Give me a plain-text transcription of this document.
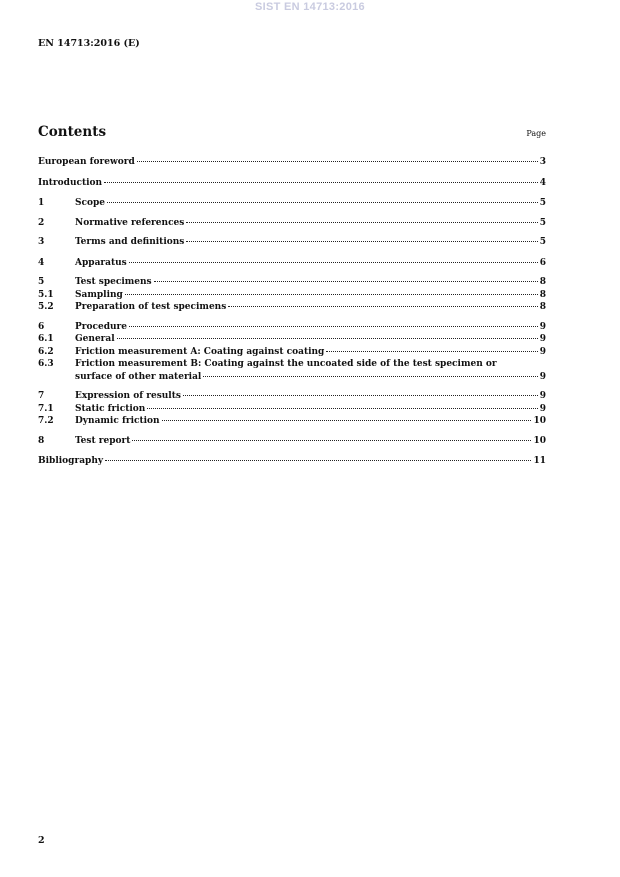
SIST EN 14713:2016
EN 14713:2016 (E)
Contents	Page
European foreword	3
Introduction	4
1	Scope	5
2	Normative references	5
3	Terms and definitions	5
4	Apparatus	6
5	Test specimens	8
5.1	Sampling	8
5.2	Preparation of test specimens	8
6	Procedure	9
6.1	General	9
6.2	Friction measurement A: Coating against coating	9
6.3	Friction measurement B: Coating against the uncoated side of the test specimen or
surface of other material	9
7	Expression of results	9
7.1	Static friction	9
7.2	Dynamic friction	10
8	Test report	10
Bibliography	11
2
